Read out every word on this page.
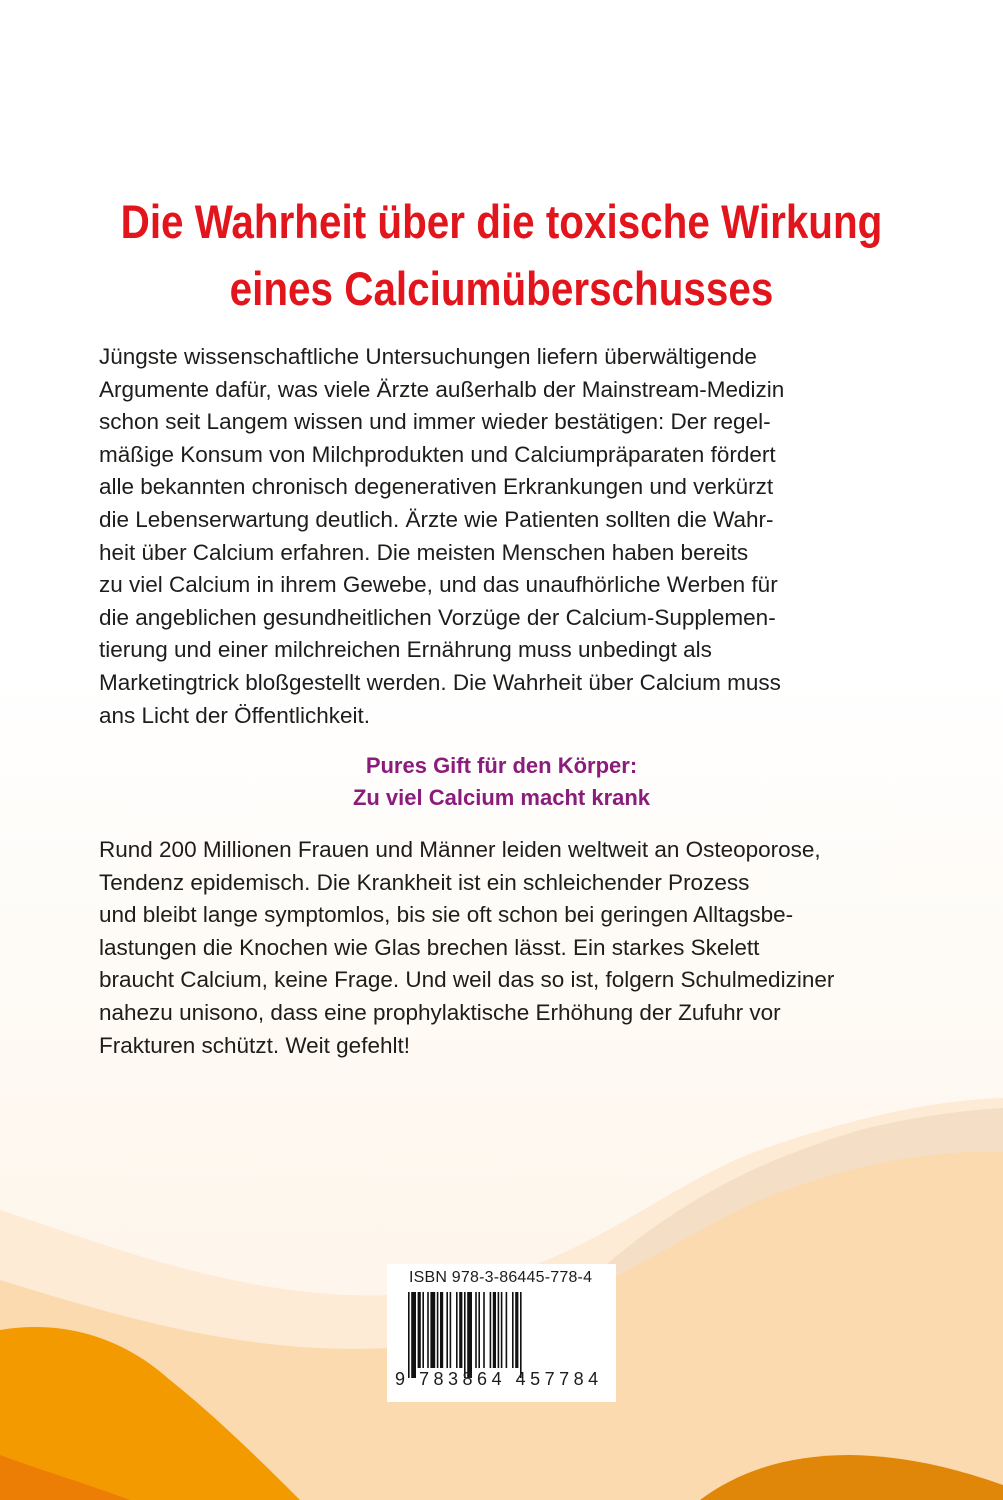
Die Wahrheit über die toxische Wirkung
eines Calciumüberschusses
Jüngste wissenschaftliche Untersuchungen liefern überwältigende
Argumente dafür, was viele Ärzte außerhalb der Mainstream-Medizin
schon seit Langem wissen und immer wieder bestätigen: Der regel-
mäßige Konsum von Milchprodukten und Calciumpräparaten fördert
alle bekannten chronisch degenerativen Erkrankungen und verkürzt
die Lebenserwartung deutlich. Ärzte wie Patienten sollten die Wahr-
heit über Calcium erfahren. Die meisten Menschen haben bereits
zu viel Calcium in ihrem Gewebe, und das unaufhörliche Werben für
die angeblichen gesundheitlichen Vorzüge der Calcium-Supplemen-
tierung und einer milchreichen Ernährung muss unbedingt als
Marketingtrick bloßgestellt werden. Die Wahrheit über Calcium muss
ans Licht der Öffentlichkeit.
Pures Gift für den Körper:
Zu viel Calcium macht krank
Rund 200 Millionen Frauen und Männer leiden weltweit an Osteoporose,
Tendenz epidemisch. Die Krankheit ist ein schleichender Prozess
und bleibt lange symptomlos, bis sie oft schon bei geringen Alltagsbe-
lastungen die Knochen wie Glas brechen lässt. Ein starkes Skelett
braucht Calcium, keine Frage. Und weil das so ist, folgern Schulmediziner
nahezu unisono, dass eine prophylaktische Erhöhung der Zufuhr vor
Frakturen schützt. Weit gefehlt!
ISBN 978-3-86445-778-4
9 783864 457784
